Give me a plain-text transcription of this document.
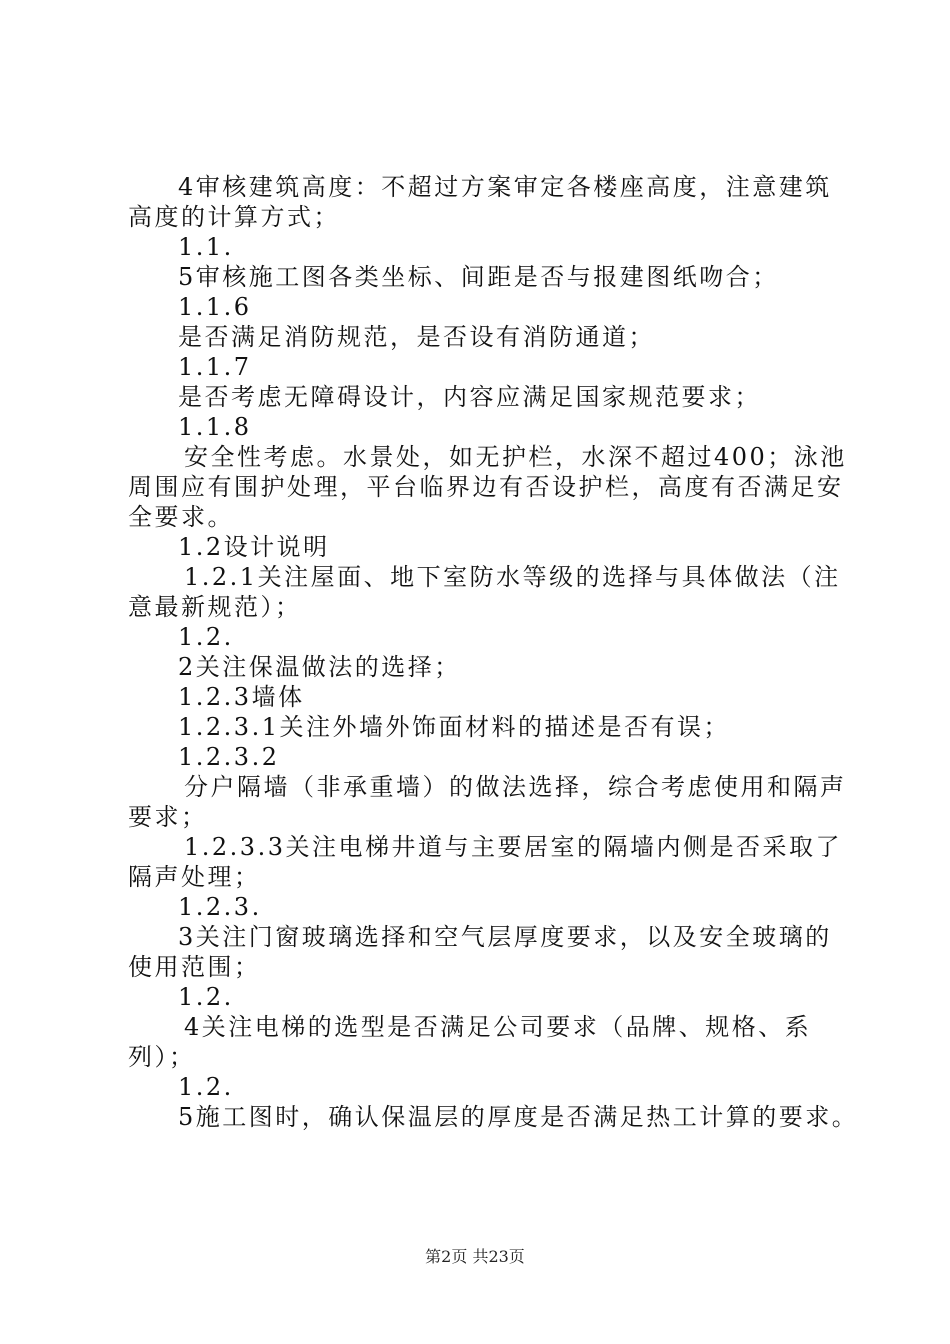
4审核建筑高度：不超过方案审定各楼座高度，注意建筑
高度的计算方式；
1.1.
5审核施工图各类坐标、间距是否与报建图纸吻合；
1.1.6
是否满足消防规范，是否设有消防通道；
1.1.7
是否考虑无障碍设计，内容应满足国家规范要求；
1.1.8
安全性考虑。水景处，如无护栏，水深不超过400；泳池
周围应有围护处理，平台临界边有否设护栏，高度有否满足安
全要求。
1.2设计说明
1.2.1关注屋面、地下室防水等级的选择与具体做法（注
意最新规范）；
1.2.
2关注保温做法的选择；
1.2.3墙体
1.2.3.1关注外墙外饰面材料的描述是否有误；
1.2.3.2
分户隔墙（非承重墙）的做法选择，综合考虑使用和隔声
要求；
1.2.3.3关注电梯井道与主要居室的隔墙内侧是否采取了
隔声处理；
1.2.3.
3关注门窗玻璃选择和空气层厚度要求，以及安全玻璃的
使用范围；
1.2.
4关注电梯的选型是否满足公司要求（品牌、规格、系
列）；
1.2.
5施工图时，确认保温层的厚度是否满足热工计算的要求。
第2页 共23页
